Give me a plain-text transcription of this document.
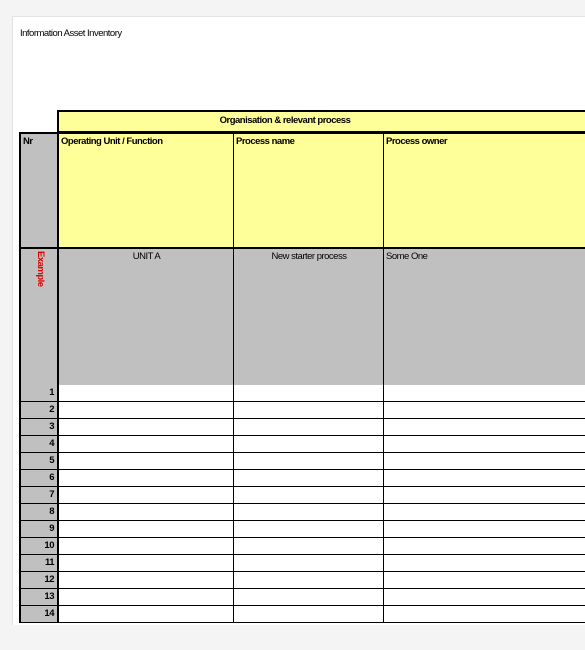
Information Asset Inventory
Organisation & relevant process
Nr	Operating Unit / Function	Process name	Process owner
Example	UNIT A	New starter process	Some One
1
2
3
4
5
6
7
8
9
10
11
12
13
14
